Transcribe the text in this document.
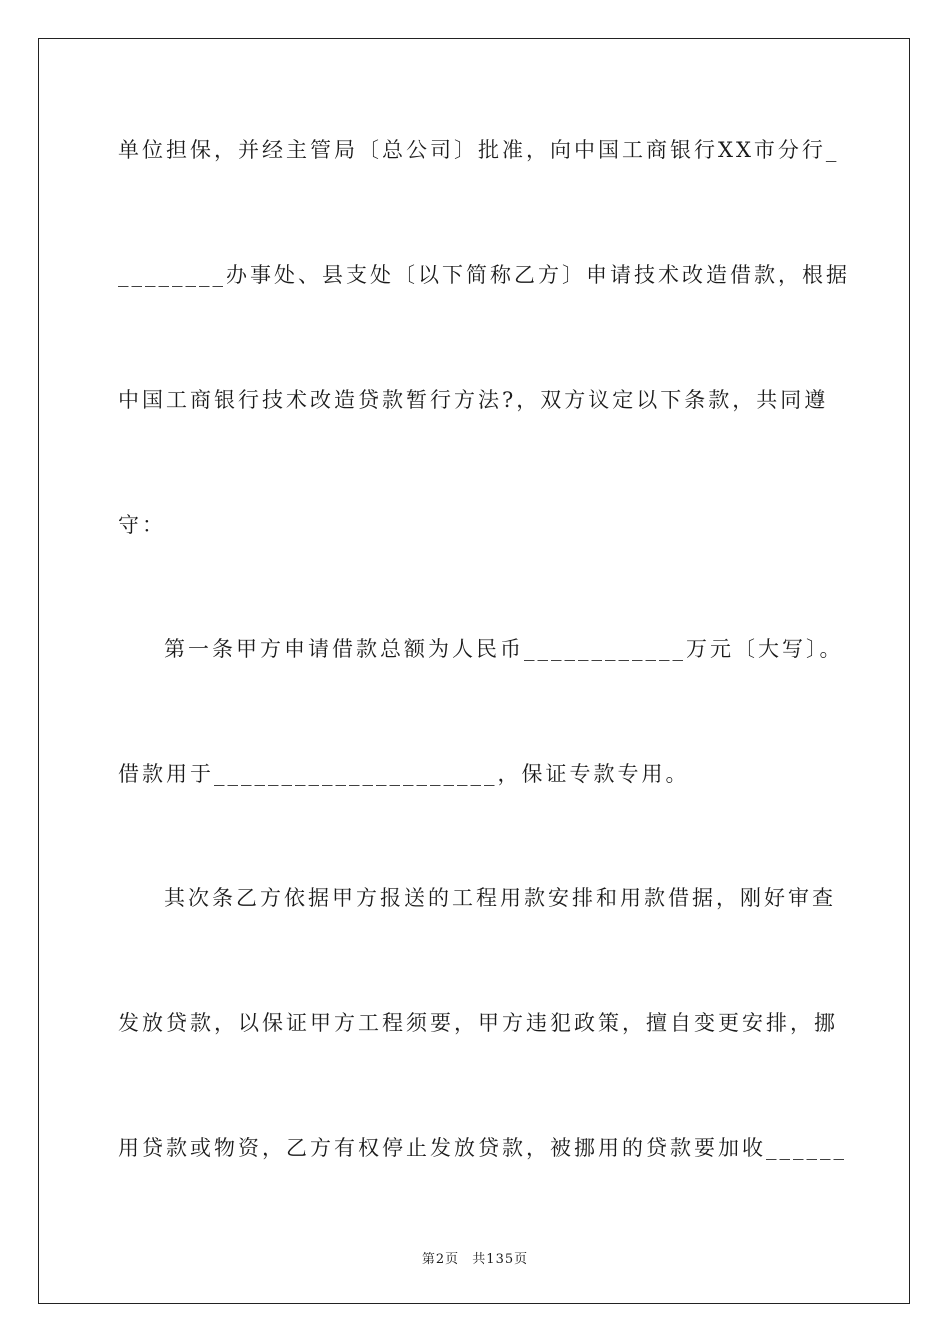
单位担保，并经主管局〔总公司〕批准，向中国工商银行XX市分行_
________办事处、县支处〔以下简称乙方〕申请技术改造借款，根据
中国工商银行技术改造贷款暂行方法?，双方议定以下条款，共同遵
守：
第一条甲方申请借款总额为人民币____________万元〔大写〕。
借款用于_____________________，保证专款专用。
其次条乙方依据甲方报送的工程用款安排和用款借据，刚好审查
发放贷款，以保证甲方工程须要，甲方违犯政策，擅自变更安排，挪
用贷款或物资，乙方有权停止发放贷款，被挪用的贷款要加收______
第2页 共135页
